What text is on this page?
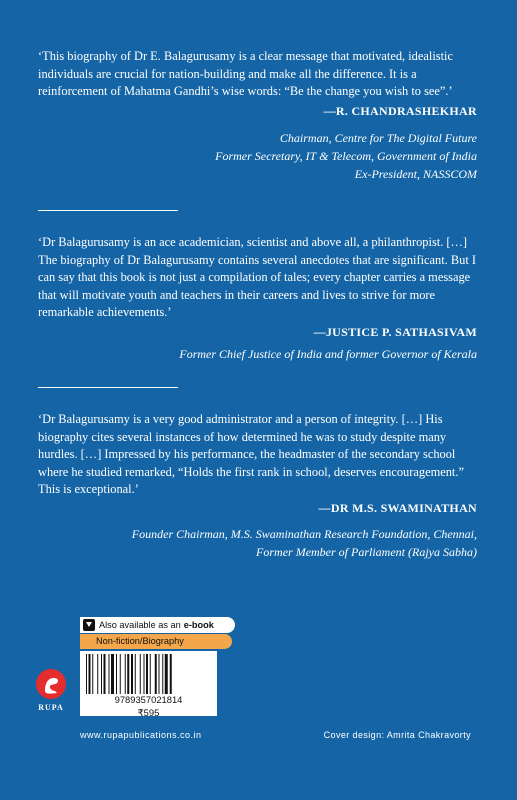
‘This biography of Dr E. Balagurusamy is a clear message that motivated, idealistic individuals are crucial for nation-building and make all the difference. It is a reinforcement of Mahatma Gandhi’s wise words: “Be the change you wish to see”.’

—R. CHANDRASHEKHAR
Chairman, Centre for The Digital Future
Former Secretary, IT & Telecom, Government of India
Ex-President, NASSCOM

‘Dr Balagurusamy is an ace academician, scientist and above all, a philanthropist. […] The biography of Dr Balagurusamy contains several anecdotes that are significant. But I can say that this book is not just a compilation of tales; every chapter carries a message that will motivate youth and teachers in their careers and lives to strive for more remarkable achievements.’

—JUSTICE P. SATHASIVAM
Former Chief Justice of India and former Governor of Kerala

‘Dr Balagurusamy is a very good administrator and a person of integrity. […] His biography cites several instances of how determined he was to study despite many hurdles. […] Impressed by his performance, the headmaster of the secondary school where he studied remarked, “Holds the first rank in school, deserves encouragement.” This is exceptional.’

—DR M.S. SWAMINATHAN
Founder Chairman, M.S. Swaminathan Research Foundation, Chennai,
Former Member of Parliament (Rajya Sabha)
Also available as an e-book
Non-fiction/Biography
9789357021814
₹595
RUPA
www.rupapublications.co.in	Cover design: Amrita Chakravorty
